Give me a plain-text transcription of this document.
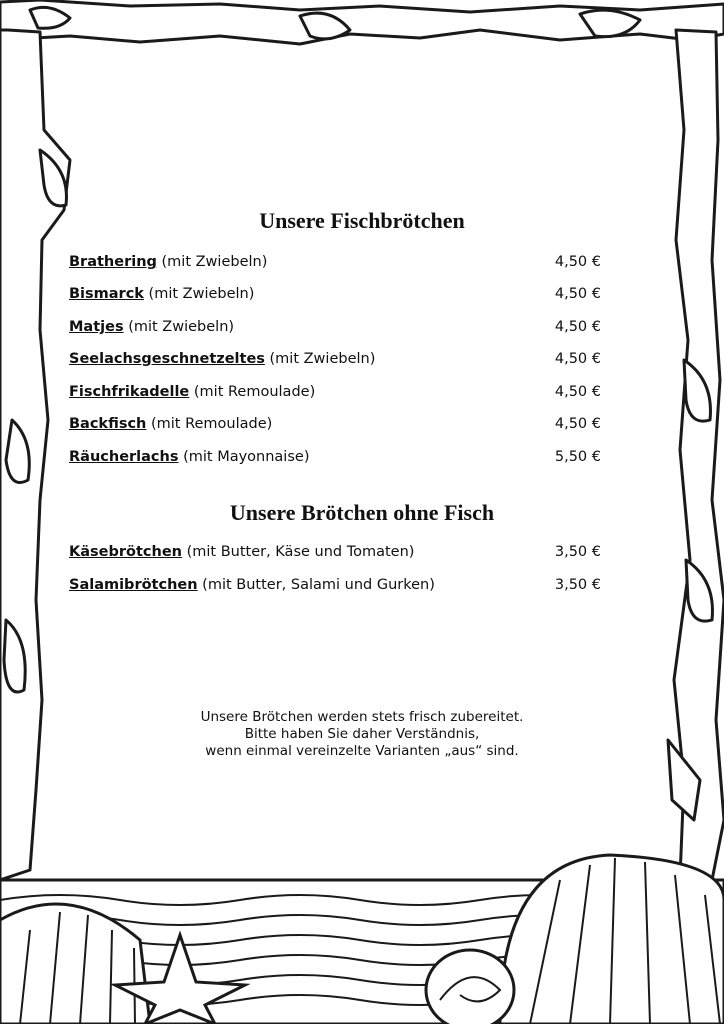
Unsere Fischbrötchen
Brathering (mit Zwiebeln)	4,50 €
Bismarck (mit Zwiebeln)	4,50 €
Matjes (mit Zwiebeln)	4,50 €
Seelachsgeschnetzeltes (mit Zwiebeln)	4,50 €
Fischfrikadelle (mit Remoulade)	4,50 €
Backfisch (mit Remoulade)	4,50 €
Räucherlachs (mit Mayonnaise)	5,50 €
Unsere Brötchen ohne Fisch
Käsebrötchen (mit Butter, Käse und Tomaten)	3,50 €
Salamibrötchen (mit Butter, Salami und Gurken)	3,50 €
Unsere Brötchen werden stets frisch zubereitet.
Bitte haben Sie daher Verständnis,
wenn einmal vereinzelte Varianten „aus“ sind.
